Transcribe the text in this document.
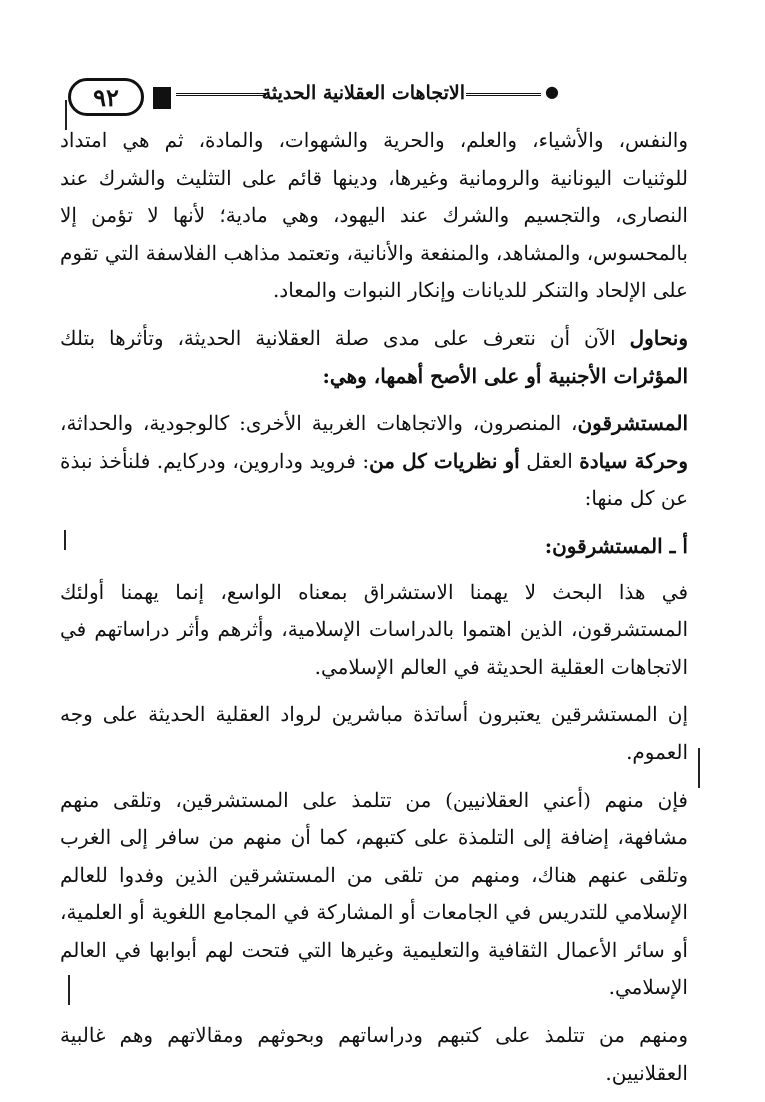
٩٢	الاتجاهات العقلانية الحديثة	●

والنفس، والأشياء، والعلم، والحرية والشهوات، والمادة، ثم هي امتداد للوثنيات اليونانية والرومانية وغيرها، ودينها قائم على التثليث والشرك عند النصارى، والتجسيم والشرك عند اليهود، وهي مادية؛ لأنها لا تؤمن إلا بالمحسوس، والمشاهد، والمنفعة والأنانية، وتعتمد مذاهب الفلاسفة التي تقوم على الإلحاد والتنكر للديانات وإنكار النبوات والمعاد.

ونحاول الآن أن نتعرف على مدى صلة العقلانية الحديثة، وتأثرها بتلك المؤثرات الأجنبية أو على الأصح أهمها، وهي:

المستشرقون، المنصرون، والاتجاهات الغربية الأخرى: كالوجودية، والحداثة، وحركة سيادة العقل أو نظريات كل من: فرويد وداروين، ودركايم. فلنأخذ نبذة عن كل منها:

أ ـ المستشرقون:

في هذا البحث لا يهمنا الاستشراق بمعناه الواسع، إنما يهمنا أولئك المستشرقون، الذين اهتموا بالدراسات الإسلامية، وأثرهم وأثر دراساتهم في الاتجاهات العقلية الحديثة في العالم الإسلامي.

إن المستشرقين يعتبرون أساتذة مباشرين لرواد العقلية الحديثة على وجه العموم.

فإن منهم (أعني العقلانيين) من تتلمذ على المستشرقين، وتلقى منهم مشافهة، إضافة إلى التلمذة على كتبهم، كما أن منهم من سافر إلى الغرب وتلقى عنهم هناك، ومنهم من تلقى من المستشرقين الذين وفدوا للعالم الإسلامي للتدريس في الجامعات أو المشاركة في المجامع اللغوية أو العلمية، أو سائر الأعمال الثقافية والتعليمية وغيرها التي فتحت لهم أبوابها في العالم الإسلامي.

ومنهم من تتلمذ على كتبهم ودراساتهم وبحوثهم ومقالاتهم وهم غالبية العقلانيين.
